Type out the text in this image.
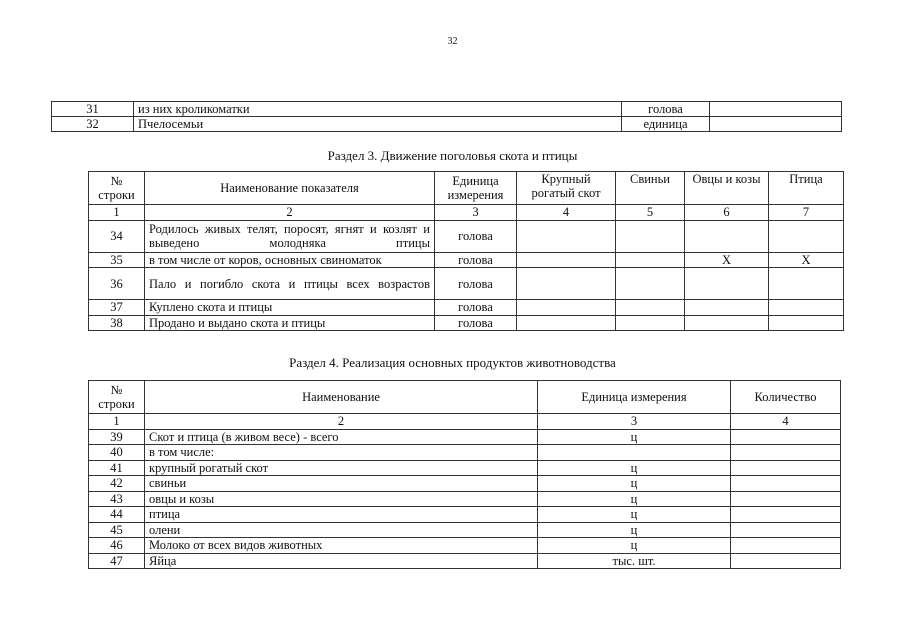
32
31	из них кроликоматки	голова	
32	Пчелосемьи	единица	
Раздел 3. Движение поголовья скота и птицы
№ строки	Наименование показателя	Единица измерения	Крупный рогатый скот	Свиньи	Овцы и козы	Птица
1	2	3	4	5	6	7
34	Родилось живых телят, поросят, ягнят и козлят и выведено молодняка птицы	голова				
35	в том числе от коров, основных свиноматок	голова			Х	Х
36	Пало и погибло скота и птицы всех возрастов	голова				
37	Куплено скота и птицы	голова				
38	Продано и выдано скота и птицы	голова				
Раздел 4. Реализация основных продуктов животноводства
№ строки	Наименование	Единица измерения	Количество
1	2	3	4
39	Скот и птица (в живом весе) - всего	ц	
40	в том числе:		
41	крупный рогатый скот	ц	
42	свиньи	ц	
43	овцы и козы	ц	
44	птица	ц	
45	олени	ц	
46	Молоко от всех видов животных	ц	
47	Яйца	тыс. шт.	
